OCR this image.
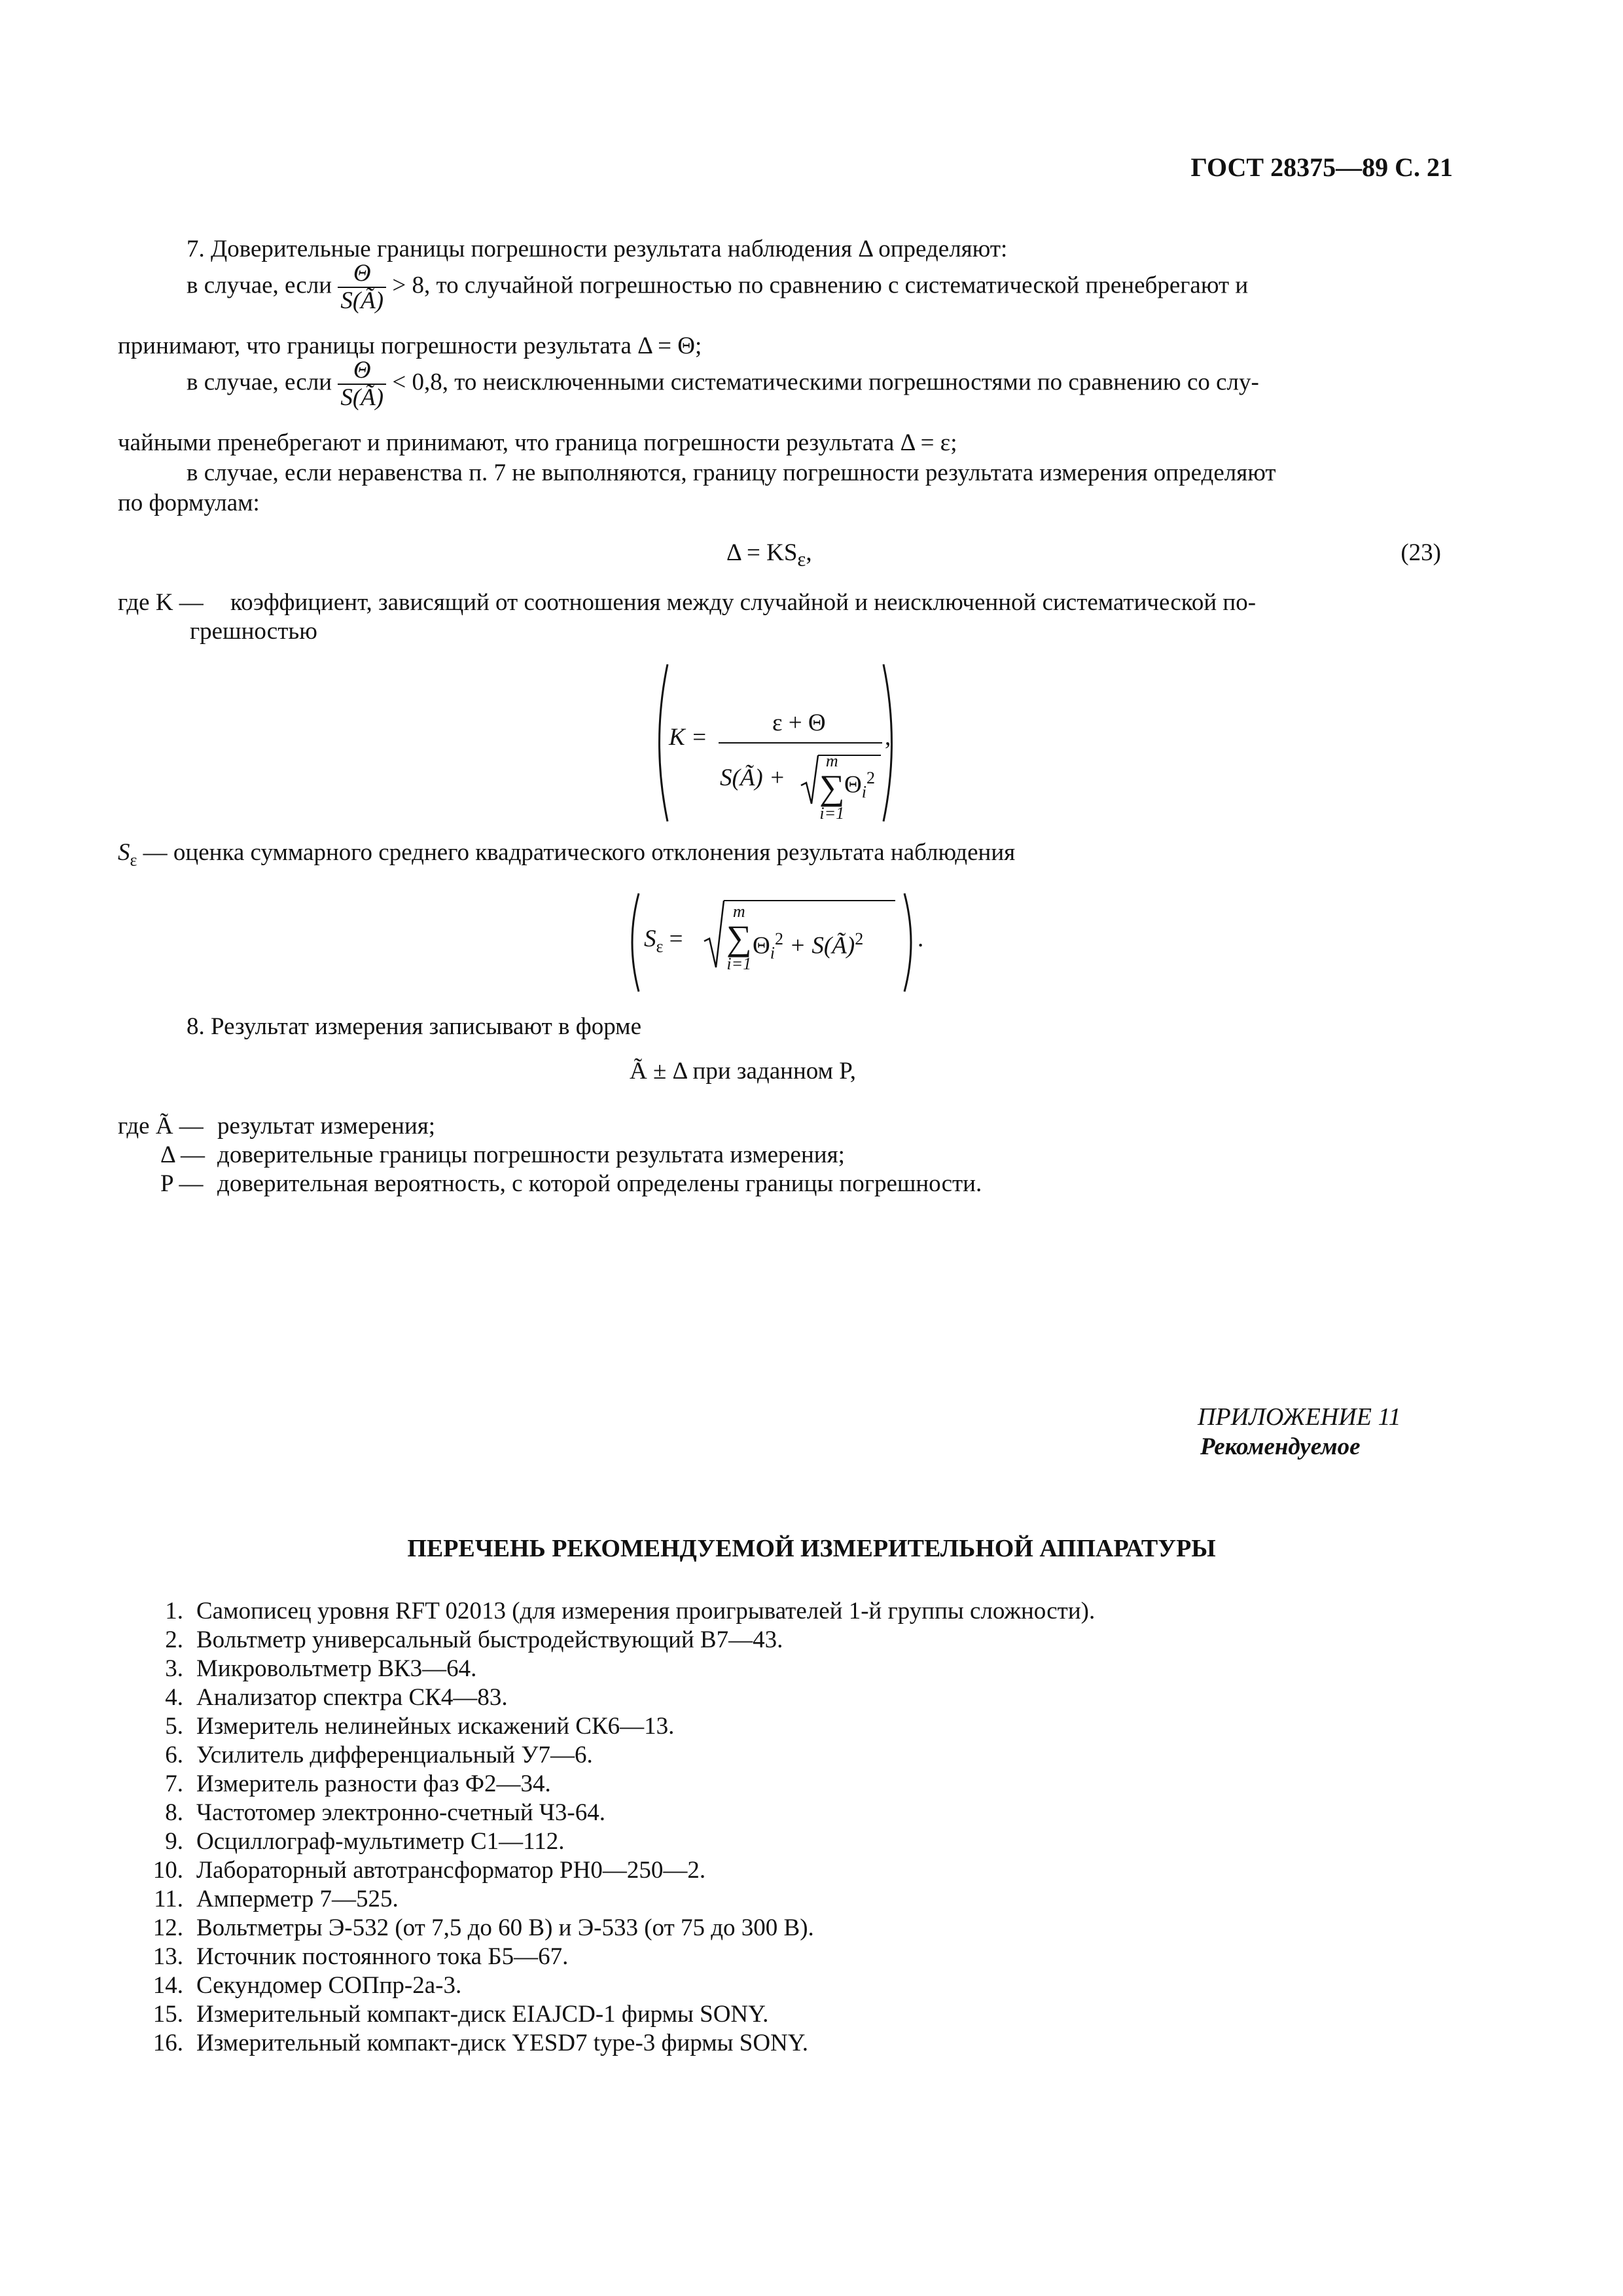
ГОСТ 28375—89 С. 21
7. Доверительные границы погрешности результата наблюдения Δ определяют:
в случае, если $\frac{\Theta}{S(Ã)} > 8$, то случайной погрешностью по сравнению с систематической пренебрегают и
принимают, что границы погрешности результата Δ = Θ;
в случае, если $\frac{\Theta}{S(Ã)} < 0,8$, то неисключенными систематическими погрешностями по сравнению со слу-
чайными пренебрегают и принимают, что граница погрешности результата Δ = ε;
в случае, если неравенства п. 7 не выполняются, границу погрешности результата измерения определяют
по формулам:
$\Delta = KS_\varepsilon$,	(23)
где K — коэффициент, зависящий от соотношения между случайной и неисключенной систематической по-
грешностью
K =
ε + Θ
S(Ã) +
m
∑
i=1
$\Theta_i^2$
,
$S_\varepsilon$ — оценка суммарного среднего квадратического отклонения результата наблюдения
$S_\varepsilon$ =
m
∑
i=1
$\Theta_i^2$ + S(Ã)$^2$ .
8. Результат измерения записывают в форме
Ã ± Δ при заданном P,
где Ã — результат измерения;
Δ — доверительные границы погрешности результата измерения;
P — доверительная вероятность, с которой определены границы погрешности.
ПРИЛОЖЕНИЕ 11
Рекомендуемое
ПЕРЕЧЕНЬ РЕКОМЕНДУЕМОЙ ИЗМЕРИТЕЛЬНОЙ АППАРАТУРЫ
1. Самописец уровня RFT 02013 (для измерения проигрывателей 1-й группы сложности).
2. Вольтметр универсальный быстродействующий В7—43.
3. Микровольтметр ВК3—64.
4. Анализатор спектра СК4—83.
5. Измеритель нелинейных искажений СК6—13.
6. Усилитель дифференциальный У7—6.
7. Измеритель разности фаз Ф2—34.
8. Частотомер электронно-счетный Ч3-64.
9. Осциллограф-мультиметр С1—112.
10. Лабораторный автотрансформатор РН0—250—2.
11. Амперметр 7—525.
12. Вольтметры Э-532 (от 7,5 до 60 В) и Э-533 (от 75 до 300 В).
13. Источник постоянного тока Б5—67.
14. Секундомер СОПпр-2а-3.
15. Измерительный компакт-диск EIAJCD-1 фирмы SONY.
16. Измерительный компакт-диск YESD7 type-3 фирмы SONY.
